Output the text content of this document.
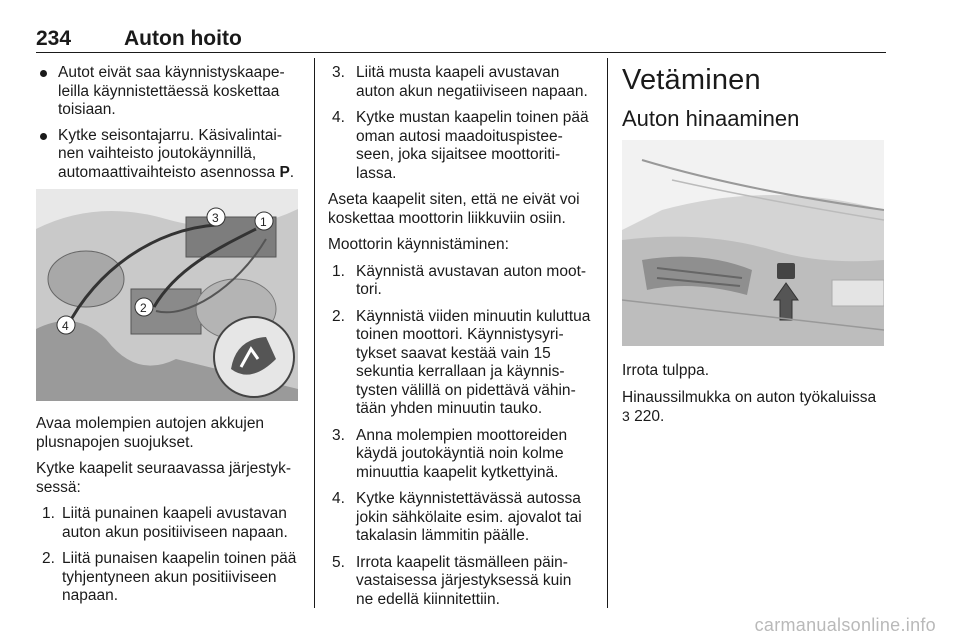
234	Auton hoito
Autot eivät saa käynnistyskaapeleilla käynnistettäessä koskettaa toisiaan.
Kytke seisontajarru. Käsivalintainen vaihteisto joutokäynnillä, automaattivaihteisto asennossa P.
1
3
2
4

Avaa molempien autojen akkujen plusnapojen suojukset.

Kytke kaapelit seuraavassa järjestyksessä:

1. Liitä punainen kaapeli avustavan auton akun positiiviseen napaan.
2. Liitä punaisen kaapelin toinen pää tyhjentyneen akun positiiviseen napaan.
3. Liitä musta kaapeli avustavan auton akun negatiiviseen napaan.
4. Kytke mustan kaapelin toinen pää oman autosi maadoituspisteeseen, joka sijaitsee moottoritilassa.

Aseta kaapelit siten, että ne eivät voi koskettaa moottorin liikkuviin osiin.

Moottorin käynnistäminen:

1. Käynnistä avustavan auton moottori.
2. Käynnistä viiden minuutin kuluttua toinen moottori. Käynnistysyritykset saavat kestää vain 15 sekuntia kerrallaan ja käynnistysten välillä on pidettävä vähintään yhden minuutin tauko.
3. Anna molempien moottoreiden käydä joutokäyntiä noin kolme minuuttia kaapelit kytkettyinä.
4. Kytke käynnistettävässä autossa jokin sähkölaite esim. ajovalot tai takalasin lämmitin päälle.
5. Irrota kaapelit täsmälleen päinvastaisessa järjestyksessä kuin ne edellä kiinnitettiin.
Vetäminen
Auton hinaaminen

Irrota tulppa.

Hinaussilmukka on auton työkaluissa
3 220.

carmanualsonline.info
